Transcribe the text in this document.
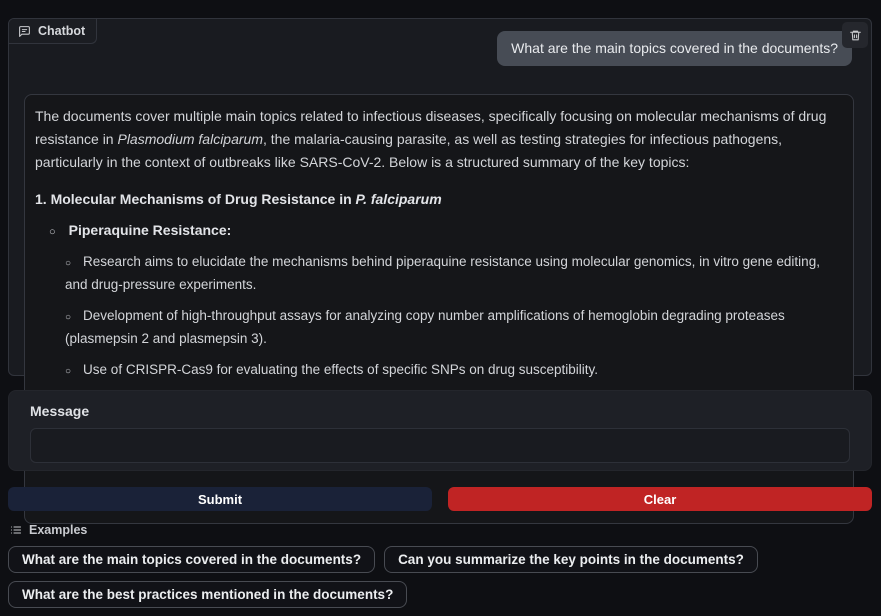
Chatbot
What are the main topics covered in the documents?

The documents cover multiple main topics related to infectious diseases, specifically focusing on molecular mechanisms of drug resistance in Plasmodium falciparum, the malaria-causing parasite, as well as testing strategies for infectious pathogens, particularly in the context of outbreaks like SARS-CoV-2. Below is a structured summary of the key topics:

1. Molecular Mechanisms of Drug Resistance in P. falciparum

○ Piperaquine Resistance:
○ Research aims to elucidate the mechanisms behind piperaquine resistance using molecular genomics, in vitro gene editing, and drug-pressure experiments.
○ Development of high-throughput assays for analyzing copy number amplifications of hemoglobin degrading proteases (plasmepsin 2 and plasmepsin 3).
○ Use of CRISPR-Cas9 for evaluating the effects of specific SNPs on drug susceptibility.
○
Message
Submit	Clear
Examples
What are the main topics covered in the documents?	Can you summarize the key points in the documents?
What are the best practices mentioned in the documents?
